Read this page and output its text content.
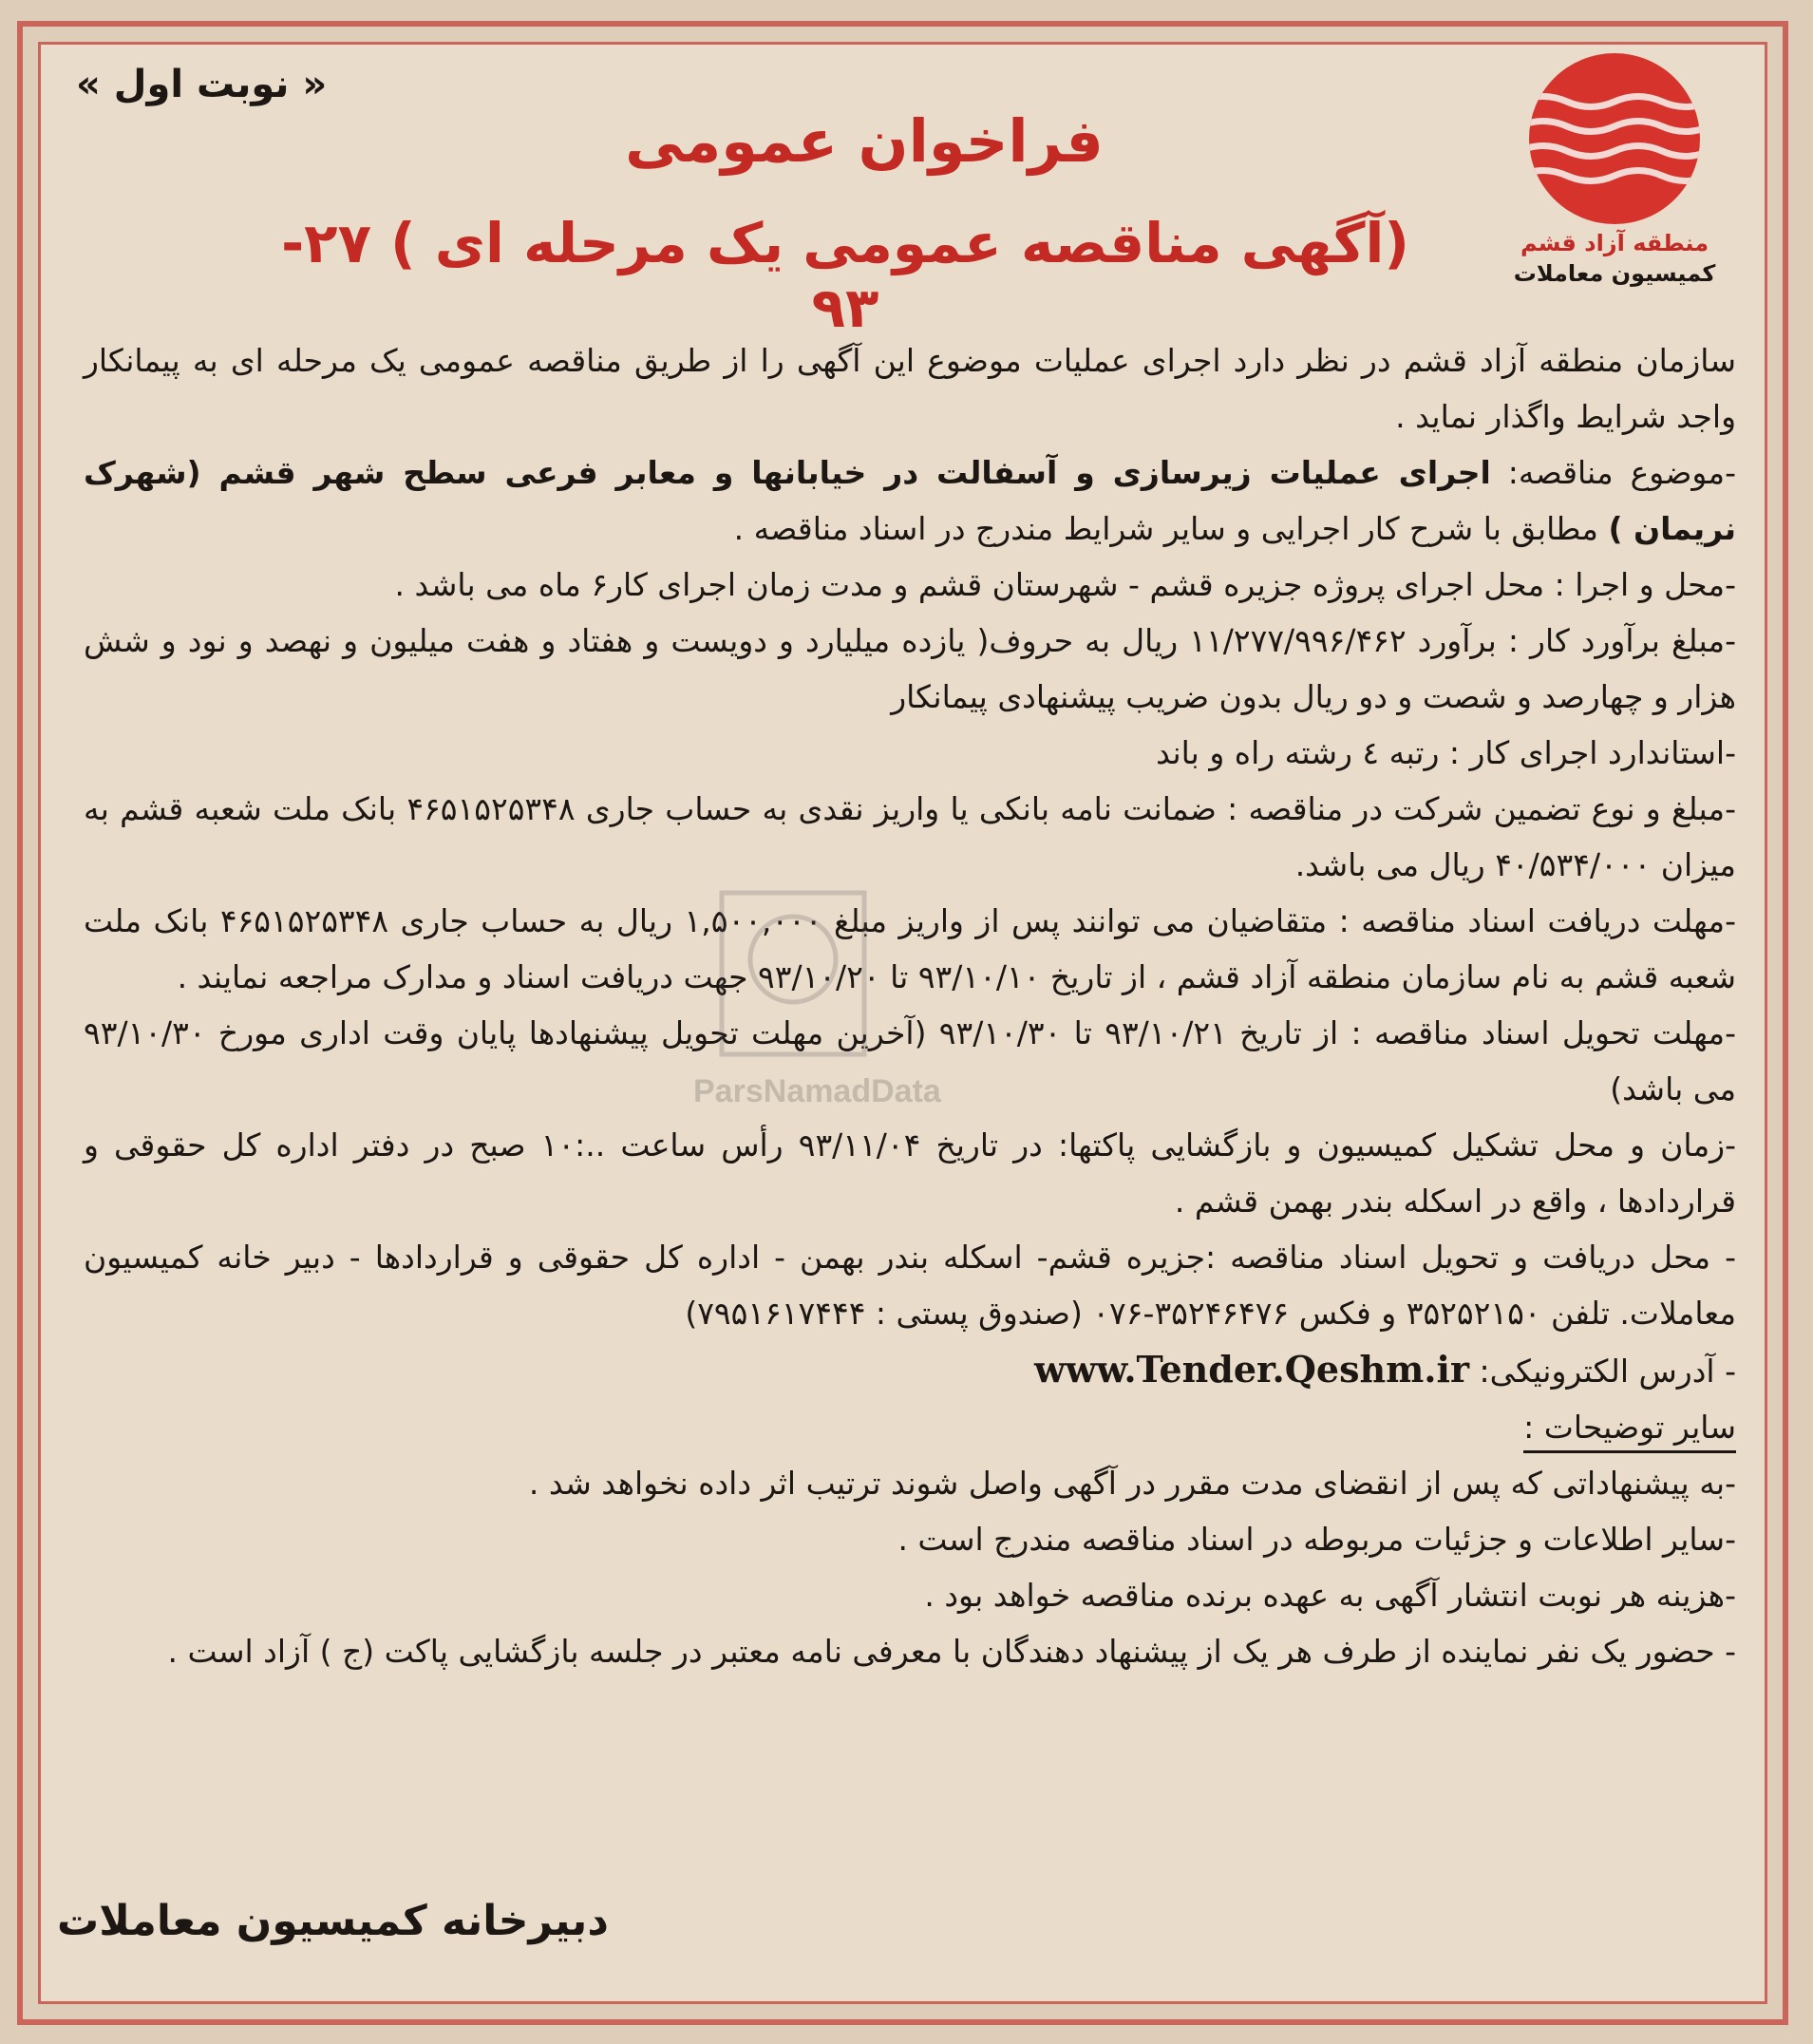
منطقه آزاد قشم
کمیسیون معاملات
« نوبت اول »
فراخوان عمومی
(آگهی مناقصه عمومی یک مرحله ای ) ۲۷- ۹۳

سازمان منطقه آزاد قشم در نظر دارد اجرای عملیات موضوع این آگهی را از طریق مناقصه عمومی یک مرحله ای به پیمانکار واجد شرایط واگذار نماید .

-موضوع مناقصه: اجرای عملیات زیرسازی و آسفالت در خیابانها و معابر فرعی سطح شهر قشم (شهرک نریمان ) مطابق با شرح کار اجرایی و سایر شرایط مندرج در اسناد مناقصه .

-محل و اجرا : محل اجرای پروژه جزیره قشم - شهرستان قشم و مدت زمان اجرای کار۶ ماه می باشد .

-مبلغ برآورد کار : برآورد ۱۱/۲۷۷/۹۹۶/۴۶۲ ریال به حروف( یازده میلیارد و دویست و هفتاد و هفت میلیون و نهصد و نود و شش هزار و چهارصد و شصت و دو ریال بدون ضریب پیشنهادی پیمانکار

-استاندارد اجرای کار : رتبه ٤ رشته راه و باند

-مبلغ و نوع تضمین شرکت در مناقصه : ضمانت نامه بانکی یا واریز نقدی به حساب جاری ۴۶۵۱۵۲۵۳۴۸ بانک ملت شعبه قشم به میزان ۴۰/۵۳۴/۰۰۰ ریال می باشد.

-مهلت دریافت اسناد مناقصه : متقاضیان می توانند پس از واریز مبلغ ۱,۵۰۰,۰۰۰ ریال به حساب جاری ۴۶۵۱۵۲۵۳۴۸ بانک ملت شعبه قشم به نام سازمان منطقه آزاد قشم ، از تاریخ ۹۳/۱۰/۱۰ تا ۹۳/۱۰/۲۰ جهت دریافت اسناد و مدارک مراجعه نمایند .

-مهلت تحویل اسناد مناقصه : از تاریخ ۹۳/۱۰/۲۱ تا ۹۳/۱۰/۳۰ (آخرین مهلت تحویل پیشنهادها پایان وقت اداری مورخ ۹۳/۱۰/۳۰ می باشد)

-زمان و محل تشکیل کمیسیون و بازگشایی پاکتها: در تاریخ ۹۳/۱۱/۰۴ رأس ساعت ..:۱۰ صبح در دفتر اداره کل حقوقی و قراردادها ، واقع در اسکله بندر بهمن قشم .

- محل دریافت و تحویل اسناد مناقصه :جزیره قشم- اسکله بندر بهمن - اداره کل حقوقی و قراردادها - دبیر خانه کمیسیون معاملات. تلفن ۳۵۲۵۲۱۵۰ و فکس ۳۵۲۴۶۴۷۶-۰۷۶ (صندوق پستی : ۷۹۵۱۶۱۷۴۴۴)

- آدرس الکترونیکی: www.Tender.Qeshm.ir

سایر توضیحات :

-به پیشنهاداتی که پس از انقضای مدت مقرر در آگهی واصل شوند ترتیب اثر داده نخواهد شد .

-سایر اطلاعات و جزئیات مربوطه در اسناد مناقصه مندرج است .

-هزینه هر نوبت انتشار آگهی به عهده برنده مناقصه خواهد بود .

- حضور یک نفر نماینده از طرف هر یک از پیشنهاد دهندگان با معرفی نامه معتبر در جلسه بازگشایی پاکت (ج ) آزاد است .

دبیرخانه کمیسیون معاملات
ParsNamadData
